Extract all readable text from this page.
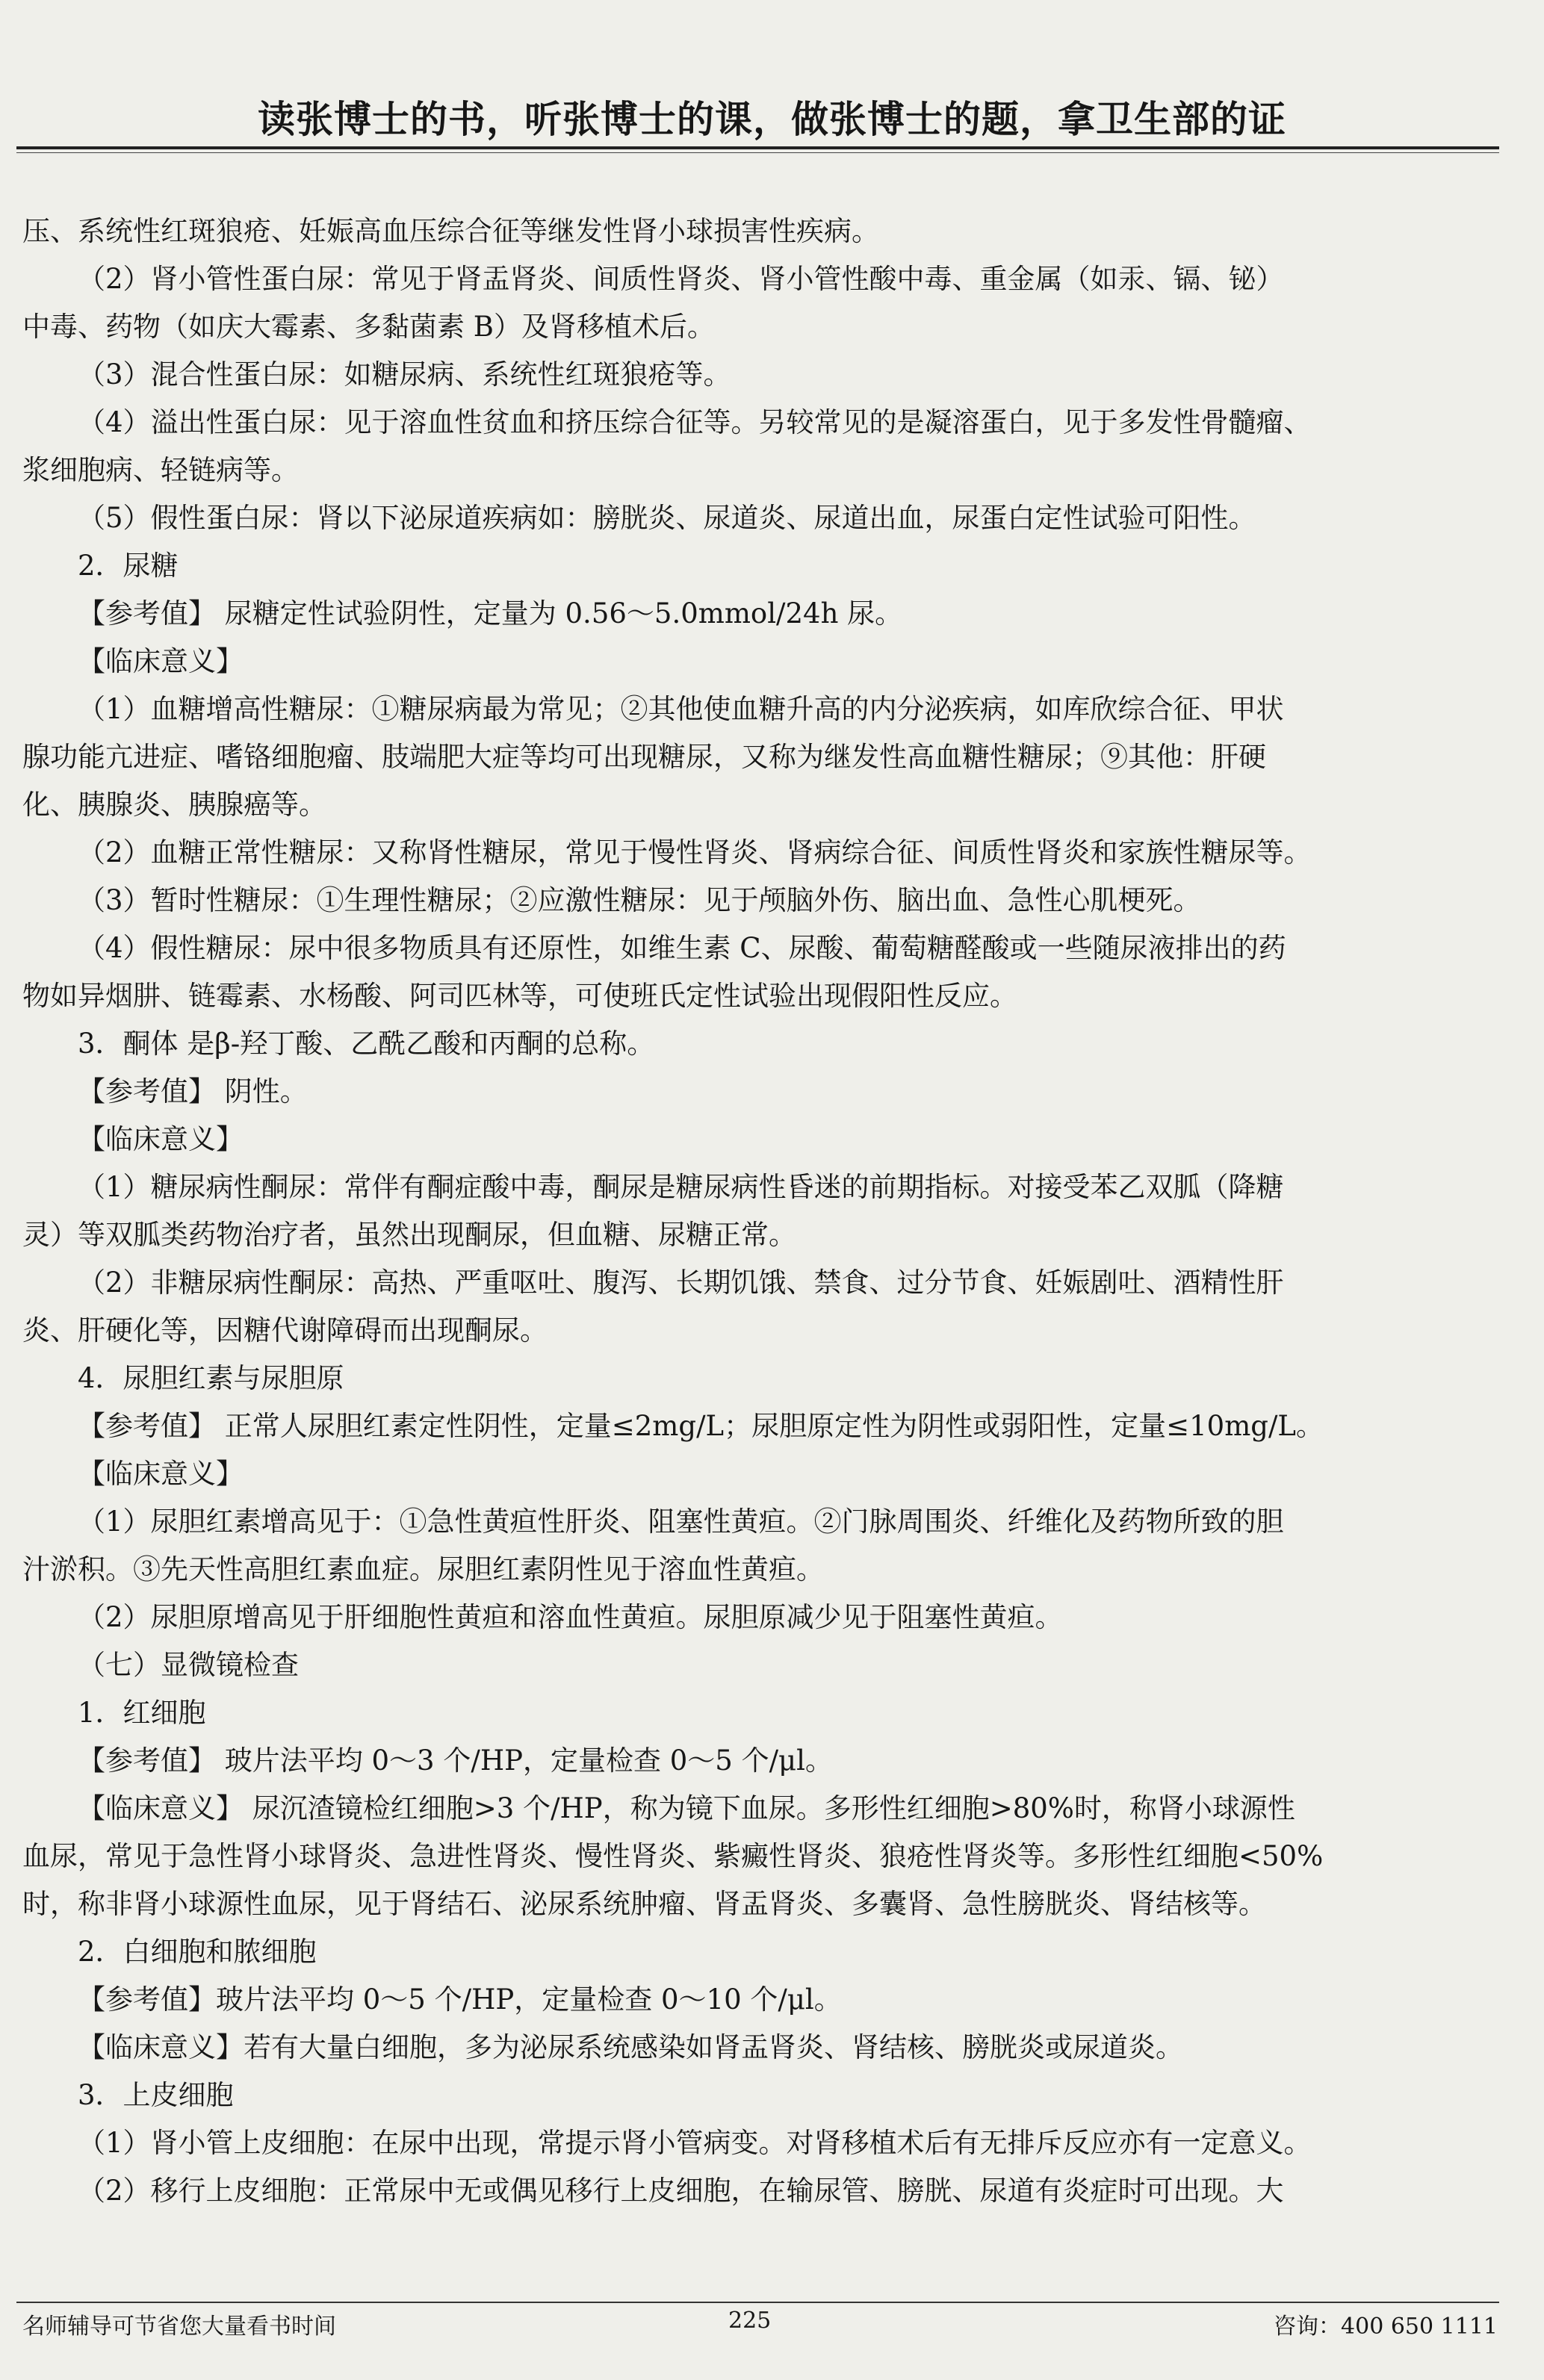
读张博士的书，听张博士的课，做张博士的题，拿卫生部的证
压、系统性红斑狼疮、妊娠高血压综合征等继发性肾小球损害性疾病。
（2）肾小管性蛋白尿：常见于肾盂肾炎、间质性肾炎、肾小管性酸中毒、重金属（如汞、镉、铋）
中毒、药物（如庆大霉素、多黏菌素 B）及肾移植术后。
（3）混合性蛋白尿：如糖尿病、系统性红斑狼疮等。
（4）溢出性蛋白尿：见于溶血性贫血和挤压综合征等。另较常见的是凝溶蛋白，见于多发性骨髓瘤、
浆细胞病、轻链病等。
（5）假性蛋白尿：肾以下泌尿道疾病如：膀胱炎、尿道炎、尿道出血，尿蛋白定性试验可阳性。
2．尿糖
【参考值】 尿糖定性试验阴性，定量为 0.56～5.0mmol/24h 尿。
【临床意义】
（1）血糖增高性糖尿：①糖尿病最为常见；②其他使血糖升高的内分泌疾病，如库欣综合征、甲状
腺功能亢进症、嗜铬细胞瘤、肢端肥大症等均可出现糖尿，又称为继发性高血糖性糖尿；⑨其他：肝硬
化、胰腺炎、胰腺癌等。
（2）血糖正常性糖尿：又称肾性糖尿，常见于慢性肾炎、肾病综合征、间质性肾炎和家族性糖尿等。
（3）暂时性糖尿：①生理性糖尿；②应激性糖尿：见于颅脑外伤、脑出血、急性心肌梗死。
（4）假性糖尿：尿中很多物质具有还原性，如维生素 C、尿酸、葡萄糖醛酸或一些随尿液排出的药
物如异烟肼、链霉素、水杨酸、阿司匹林等，可使班氏定性试验出现假阳性反应。
3．酮体 是β-羟丁酸、乙酰乙酸和丙酮的总称。
【参考值】 阴性。
【临床意义】
（1）糖尿病性酮尿：常伴有酮症酸中毒，酮尿是糖尿病性昏迷的前期指标。对接受苯乙双胍（降糖
灵）等双胍类药物治疗者，虽然出现酮尿，但血糖、尿糖正常。
（2）非糖尿病性酮尿：高热、严重呕吐、腹泻、长期饥饿、禁食、过分节食、妊娠剧吐、酒精性肝
炎、肝硬化等，因糖代谢障碍而出现酮尿。
4．尿胆红素与尿胆原
【参考值】 正常人尿胆红素定性阴性，定量≤2mg/L；尿胆原定性为阴性或弱阳性，定量≤10mg/L。
【临床意义】
（1）尿胆红素增高见于：①急性黄疸性肝炎、阻塞性黄疸。②门脉周围炎、纤维化及药物所致的胆
汁淤积。③先天性高胆红素血症。尿胆红素阴性见于溶血性黄疸。
（2）尿胆原增高见于肝细胞性黄疸和溶血性黄疸。尿胆原减少见于阻塞性黄疸。
（七）显微镜检查
1．红细胞
【参考值】 玻片法平均 0～3 个/HP，定量检查 0～5 个/μl。
【临床意义】 尿沉渣镜检红细胞>3 个/HP，称为镜下血尿。多形性红细胞>80%时，称肾小球源性
血尿，常见于急性肾小球肾炎、急进性肾炎、慢性肾炎、紫癜性肾炎、狼疮性肾炎等。多形性红细胞<50%
时，称非肾小球源性血尿，见于肾结石、泌尿系统肿瘤、肾盂肾炎、多囊肾、急性膀胱炎、肾结核等。
2．白细胞和脓细胞
【参考值】玻片法平均 0～5 个/HP，定量检查 0～10 个/μl。
【临床意义】若有大量白细胞，多为泌尿系统感染如肾盂肾炎、肾结核、膀胱炎或尿道炎。
3．上皮细胞
（1）肾小管上皮细胞：在尿中出现，常提示肾小管病变。对肾移植术后有无排斥反应亦有一定意义。
（2）移行上皮细胞：正常尿中无或偶见移行上皮细胞，在输尿管、膀胱、尿道有炎症时可出现。大
名师辅导可节省您大量看书时间	225	咨询：400 650 1111
